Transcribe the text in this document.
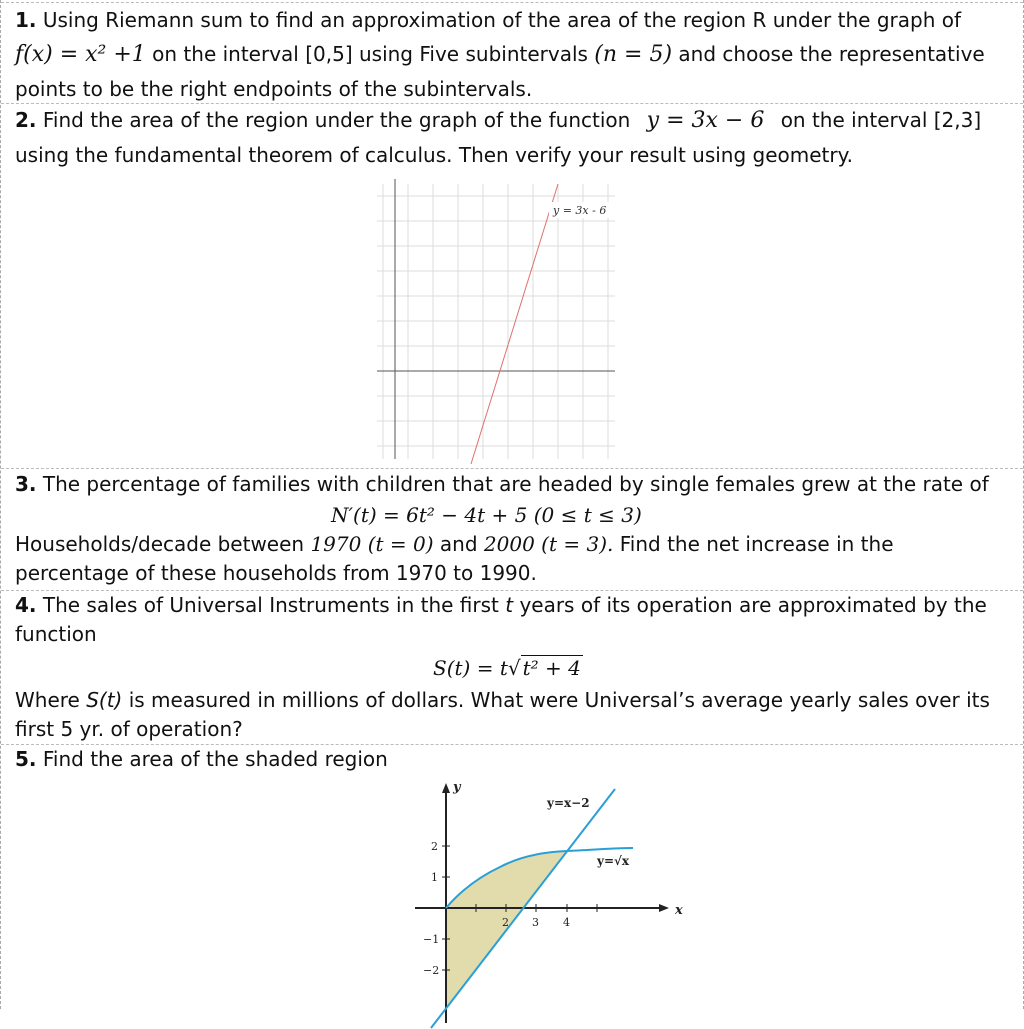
1. Using Riemann sum to find an approximation of the area of the region R under the graph of
f(x) = x² +1 on the interval [0,5] using Five subintervals (n = 5) and choose the representative
points to be the right endpoints of the subintervals.
2. Find the area of the region under the graph of the function y = 3x − 6 on the interval [2,3]
using the fundamental theorem of calculus. Then verify your result using geometry.
y = 3x - 6
3. The percentage of families with children that are headed by single females grew at the rate of
N′(t) = 6t² − 4t + 5 (0 ≤ t ≤ 3)
Households/decade between 1970 (t = 0) and 2000 (t = 3). Find the net increase in the
percentage of these households from 1970 to 1990.
4. The sales of Universal Instruments in the first t years of its operation are approximated by the
function
S(t) = t√ t² + 4
Where S(t) is measured in millions of dollars. What were Universal’s average yearly sales over its
first 5 yr. of operation?
5. Find the area of the shaded region
y
x
y=x−2
y=√x
2 3 4
2
1
−1
−2
